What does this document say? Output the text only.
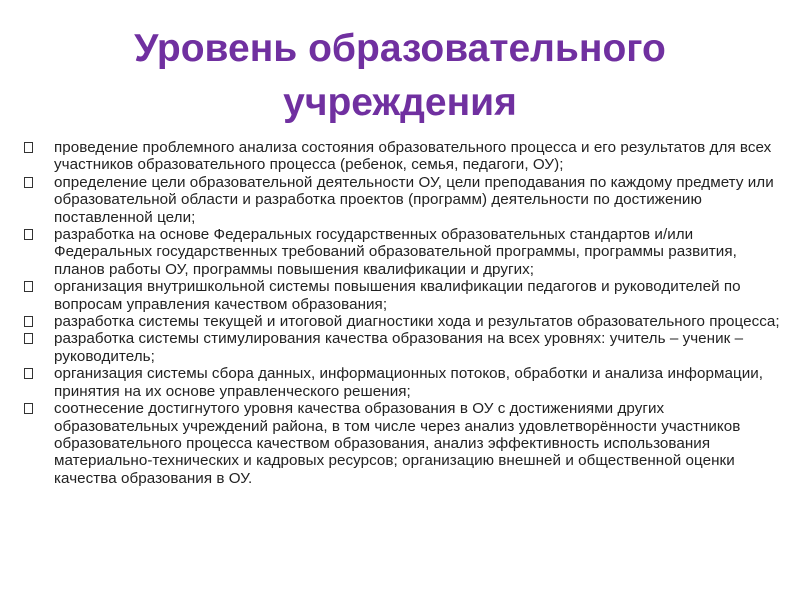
Уровень образовательного
учреждения
проведение проблемного анализа состояния образовательного процесса и его результатов для всех участников образовательного процесса (ребенок, семья, педагоги, ОУ);
определение цели образовательной деятельности ОУ, цели преподавания по каждому предмету или образовательной области и разработка проектов (программ) деятельности по достижению поставленной цели;
разработка на основе Федеральных государственных образовательных стандартов и/или Федеральных государственных требований образовательной программы, программы развития, планов работы ОУ, программы повышения квалификации и других;
организация внутришкольной системы повышения квалификации педагогов и руководителей по вопросам управления качеством образования;
разработка системы текущей и итоговой диагностики хода и результатов образовательного процесса;
разработка системы стимулирования качества образования на всех уровнях: учитель – ученик – руководитель;
организация системы сбора данных, информационных потоков, обработки и анализа информации, принятия на их основе управленческого решения;
соотнесение достигнутого уровня качества образования в ОУ с достижениями других образовательных учреждений района, в том числе через анализ удовлетворённости участников образовательного процесса качеством образования, анализ эффективность использования материально-технических и кадровых ресурсов; организацию внешней и общественной оценки качества образования в ОУ.
